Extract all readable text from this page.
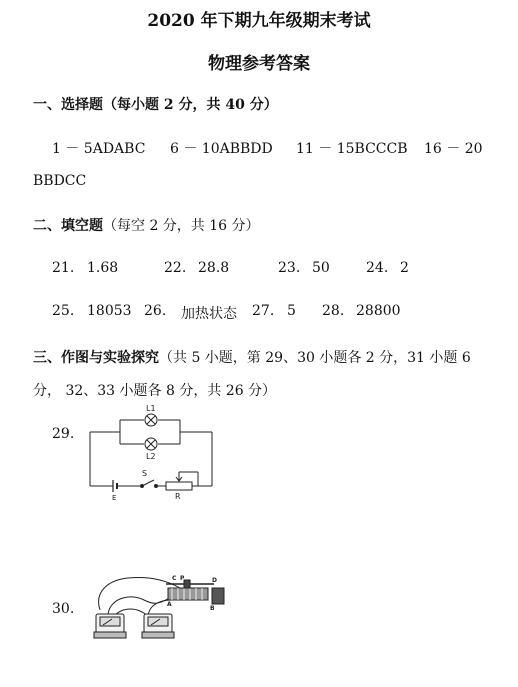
2020 年下期九年级期末考试
物理参考答案
一、选择题（每小题 2 分，共 40 分）
1 － 5ADABC 6 － 10ABBDD 11 － 15BCCCB 16 － 20
BBDCC
二、填空题（每空 2 分，共 16 分）
21. 1.68	22. 28.8	23. 50	24. 2
25. 18053 26. 加热状态 27. 5 28. 28800
三、作图与实验探究（共 5 小题，第 29、30 小题各 2 分，31 小题 6
分， 32、33 小题各 8 分，共 26 分）
29.
L1
L2
S
E	R
30.
C P	D
A
B
